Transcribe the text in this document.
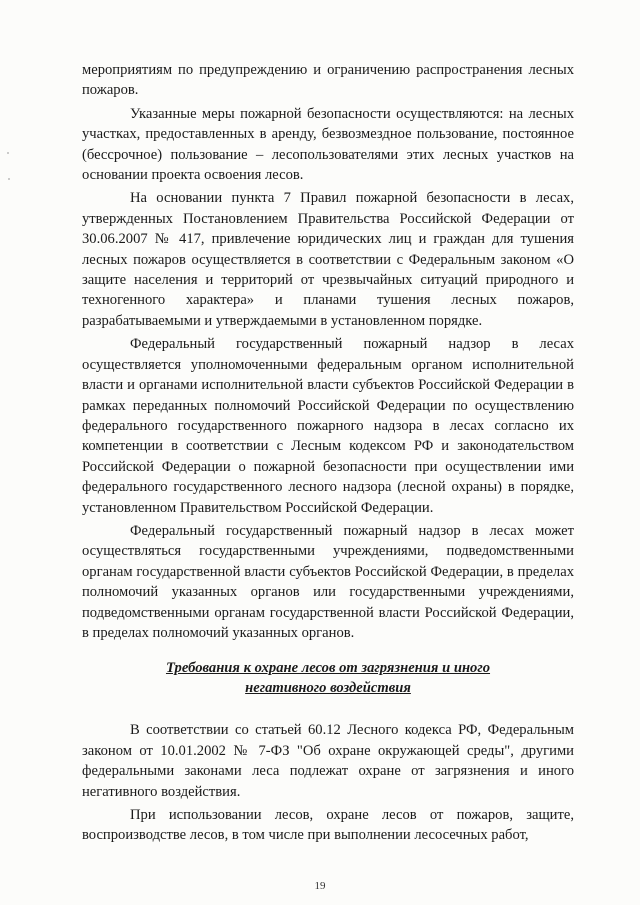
мероприятиям по предупреждению и ограничению распространения лесных пожаров.

Указанные меры пожарной безопасности осуществляются: на лесных участках, предоставленных в аренду, безвозмездное пользование, постоянное (бессрочное) пользование – лесопользователями этих лесных участков на основании проекта освоения лесов.

На основании пункта 7 Правил пожарной безопасности в лесах, утвержденных Постановлением Правительства Российской Федерации от 30.06.2007 № 417, привлечение юридических лиц и граждан для тушения лесных пожаров осуществляется в соответствии с Федеральным законом «О защите населения и территорий от чрезвычайных ситуаций природного и техногенного характера» и планами тушения лесных пожаров, разрабатываемыми и утверждаемыми в установленном порядке.

Федеральный государственный пожарный надзор в лесах осуществляется уполномоченными федеральным органом исполнительной власти и органами исполнительной власти субъектов Российской Федерации в рамках переданных полномочий Российской Федерации по осуществлению федерального государственного пожарного надзора в лесах согласно их компетенции в соответствии с Лесным кодексом РФ и законодательством Российской Федерации о пожарной безопасности при осуществлении ими федерального государственного лесного надзора (лесной охраны) в порядке, установленном Правительством Российской Федерации.

Федеральный государственный пожарный надзор в лесах может осуществляться государственными учреждениями, подведомственными органам государственной власти субъектов Российской Федерации, в пределах полномочий указанных органов или государственными учреждениями, подведомственными органам государственной власти Российской Федерации, в пределах полномочий указанных органов.

Требования к охране лесов от загрязнения и иного
негативного воздействия

В соответствии со статьей 60.12 Лесного кодекса РФ, Федеральным законом от 10.01.2002 № 7-ФЗ "Об охране окружающей среды", другими федеральными законами леса подлежат охране от загрязнения и иного негативного воздействия.

При использовании лесов, охране лесов от пожаров, защите, воспроизводстве лесов, в том числе при выполнении лесосечных работ,

19
